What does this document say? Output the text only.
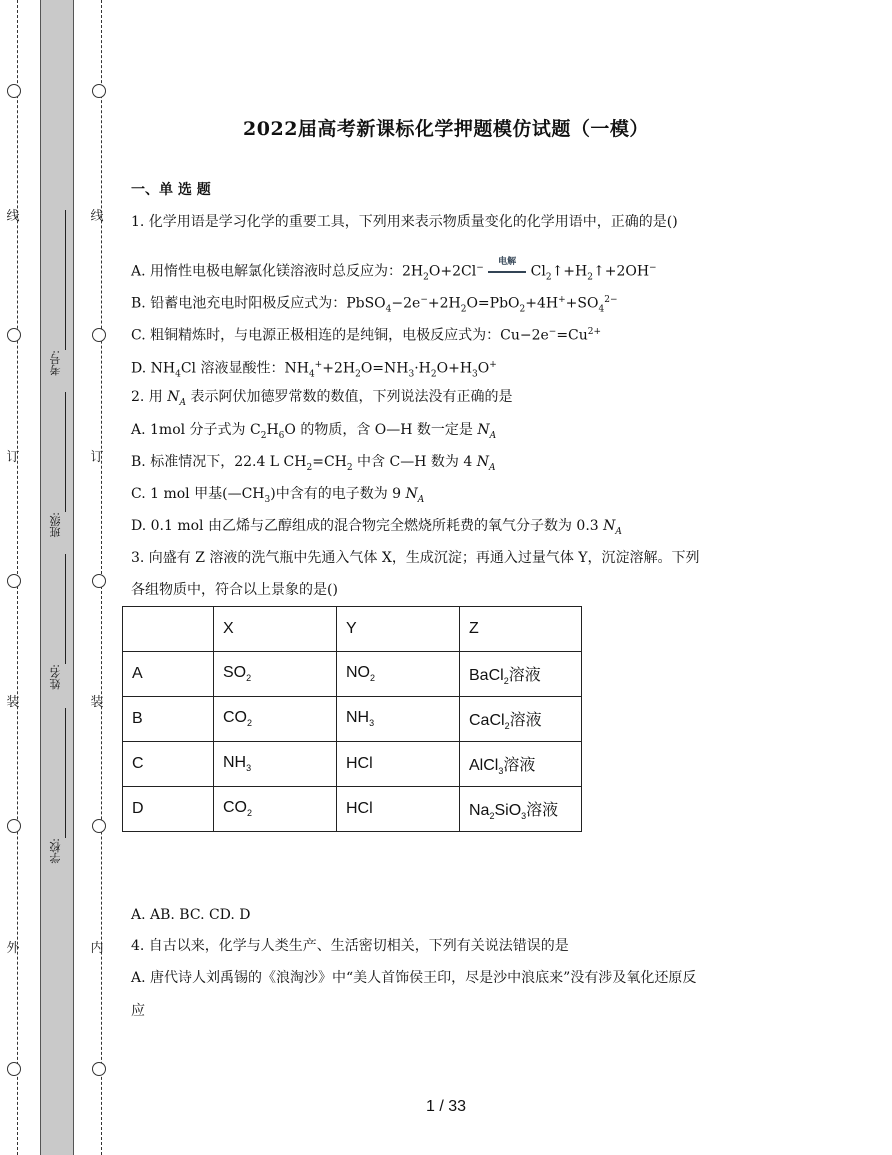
线
订
装
外
线
订
装
内
考号:
班级:
姓名:
学校:
2022届高考新课标化学押题模仿试题（一模）
一、单 选 题
1. 化学用语是学习化学的重要工具，下列用来表示物质量变化的化学用语中，正确的是()
A. 用惰性电极电解氯化镁溶液时总反应为：$2H_2O+2Cl^-$
电解
$Cl_2↑+H_2↑+2OH^-$
B. 铅蓄电池充电时阳极反应式为：$PbSO_4-2e^-+2H_2O=PbO_2+4H^++SO_4^{2-}$
C. 粗铜精炼时，与电源正极相连的是纯铜，电极反应式为：$Cu-2e^-=Cu^{2+}$
D. $NH_4Cl$ 溶液显酸性：$NH_4^++2H_2O=NH_3\cdot H_2O+H_3O^+$
2. 用 $N_A$ 表示阿伏加德罗常数的数值，下列说法没有正确的是
A. 1mol 分子式为 $C_2H_6O$ 的物质，含 O—H 数一定是 $N_A$
B. 标准情况下，22.4 L $CH_2=CH_2$ 中含 C—H 数为 4 $N_A$
C. 1 mol 甲基$(—CH_3)$中含有的电子数为 9 $N_A$
D. 0.1 mol 由乙烯与乙醇组成的混合物完全燃烧所耗费的氧气分子数为 0.3 $N_A$
3. 向盛有 Z 溶液的洗气瓶中先通入气体 X，生成沉淀；再通入过量气体 Y，沉淀溶解。下列
各组物质中，符合以上景象的是()
	X	Y	Z
A	$SO_2$	$NO_2$	BaCl$_2$溶液
B	$CO_2$	$NH_3$	CaCl$_2$溶液
C	$NH_3$	HCl	AlCl$_3$溶液
D	$CO_2$	HCl	$Na_2SiO_3$溶液
A. AB. BC. CD. D
4. 自古以来，化学与人类生产、生活密切相关，下列有关说法错误的是
A. 唐代诗人刘禹锡的《浪淘沙》中“美人首饰侯王印，尽是沙中浪底来”没有涉及氧化还原反
应
1 / 33
